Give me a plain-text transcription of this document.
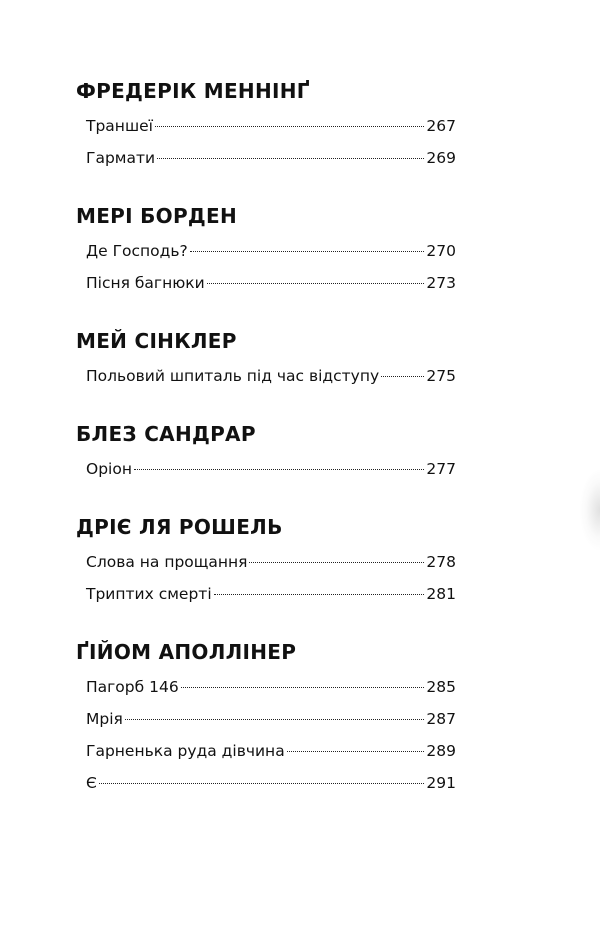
ФРЕДЕРІК МЕННІНҐ
Траншеї	267
Гармати	269
МЕРІ БОРДЕН
Де Господь?	270
Пісня багнюки	273
МЕЙ СІНКЛЕР
Польовий шпиталь під час відступу	275
БЛЕЗ САНДРАР
Оріон	277
ДРІЄ ЛЯ РОШЕЛЬ
Слова на прощання	278
Триптих смерті	281
ҐІЙОМ АПОЛЛІНЕР
Пагорб 146	285
Мрія	287
Гарненька руда дівчина	289
Є	291
